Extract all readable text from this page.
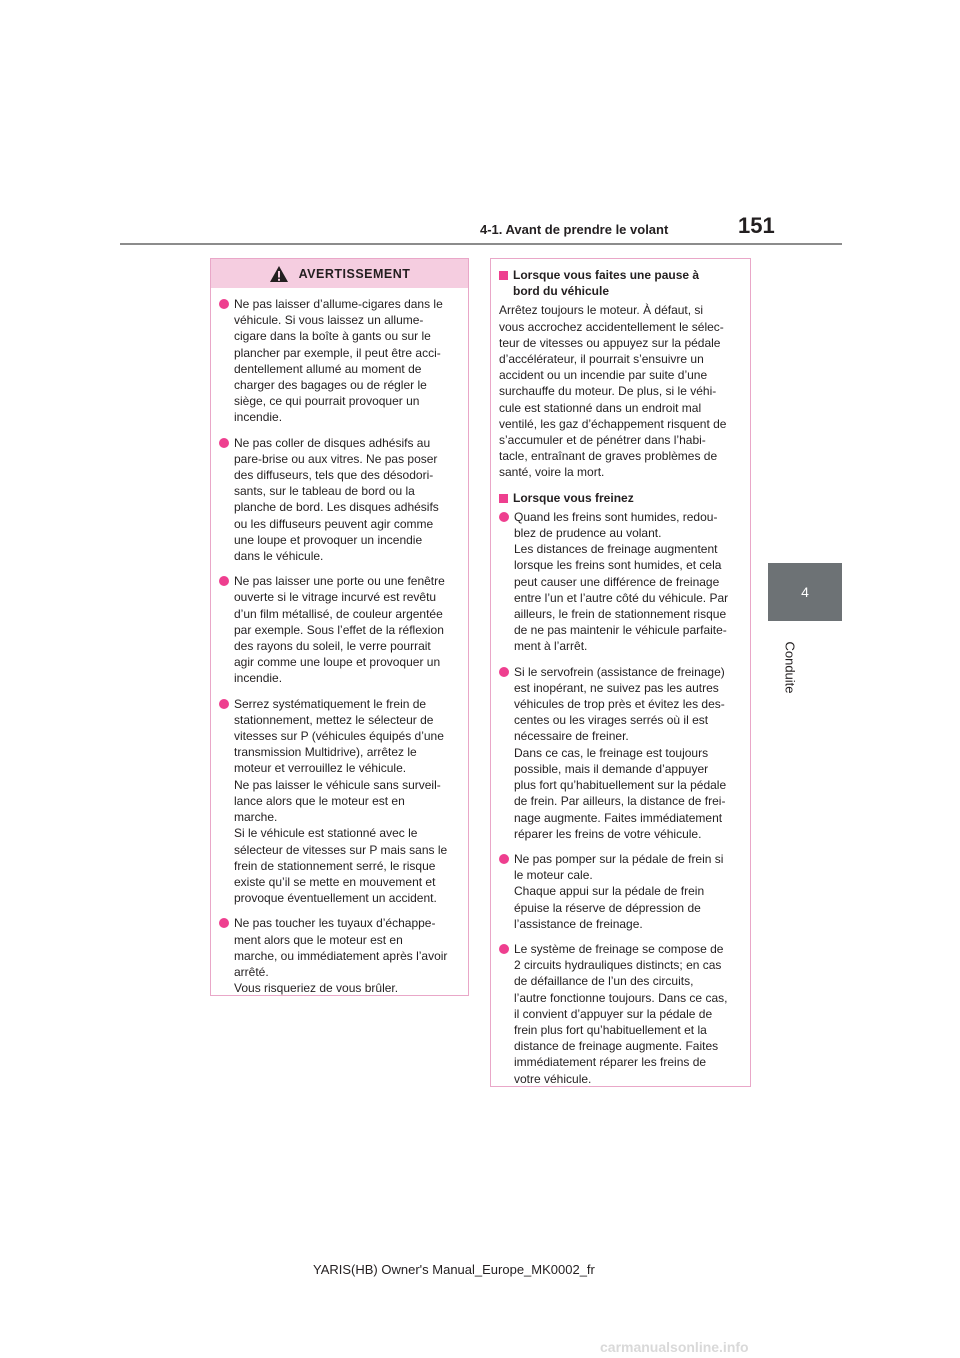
4-1. Avant de prendre le volant	151
4
Conduite
AVERTISSEMENT

Ne pas laisser d’allume-cigares dans le
véhicule. Si vous laissez un allume-
cigare dans la boîte à gants ou sur le
plancher par exemple, il peut être acci-
dentellement allumé au moment de
charger des bagages ou de régler le
siège, ce qui pourrait provoquer un
incendie.

Ne pas coller de disques adhésifs au
pare-brise ou aux vitres. Ne pas poser
des diffuseurs, tels que des désodori-
sants, sur le tableau de bord ou la
planche de bord. Les disques adhésifs
ou les diffuseurs peuvent agir comme
une loupe et provoquer un incendie
dans le véhicule.

Ne pas laisser une porte ou une fenêtre
ouverte si le vitrage incurvé est revêtu
d’un film métallisé, de couleur argentée
par exemple. Sous l’effet de la réflexion
des rayons du soleil, le verre pourrait
agir comme une loupe et provoquer un
incendie.

Serrez systématiquement le frein de
stationnement, mettez le sélecteur de
vitesses sur P (véhicules équipés d’une
transmission Multidrive), arrêtez le
moteur et verrouillez le véhicule.
Ne pas laisser le véhicule sans surveil-
lance alors que le moteur est en
marche.
Si le véhicule est stationné avec le
sélecteur de vitesses sur P mais sans le
frein de stationnement serré, le risque
existe qu’il se mette en mouvement et
provoque éventuellement un accident.

Ne pas toucher les tuyaux d’échappe-
ment alors que le moteur est en
marche, ou immédiatement après l’avoir
arrêté.
Vous risqueriez de vous brûler.

Lorsque vous faites une pause à
bord du véhicule

Arrêtez toujours le moteur. À défaut, si
vous accrochez accidentellement le sélec-
teur de vitesses ou appuyez sur la pédale
d’accélérateur, il pourrait s’ensuivre un
accident ou un incendie par suite d’une
surchauffe du moteur. De plus, si le véhi-
cule est stationné dans un endroit mal
ventilé, les gaz d’échappement risquent de
s’accumuler et de pénétrer dans l’habi-
tacle, entraînant de graves problèmes de
santé, voire la mort.

Lorsque vous freinez

Quand les freins sont humides, redou-
blez de prudence au volant.
Les distances de freinage augmentent
lorsque les freins sont humides, et cela
peut causer une différence de freinage
entre l’un et l’autre côté du véhicule. Par
ailleurs, le frein de stationnement risque
de ne pas maintenir le véhicule parfaite-
ment à l’arrêt.

Si le servofrein (assistance de freinage)
est inopérant, ne suivez pas les autres
véhicules de trop près et évitez les des-
centes ou les virages serrés où il est
nécessaire de freiner.
Dans ce cas, le freinage est toujours
possible, mais il demande d’appuyer
plus fort qu’habituellement sur la pédale
de frein. Par ailleurs, la distance de frei-
nage augmente. Faites immédiatement
réparer les freins de votre véhicule.

Ne pas pomper sur la pédale de frein si
le moteur cale.
Chaque appui sur la pédale de frein
épuise la réserve de dépression de
l’assistance de freinage.

Le système de freinage se compose de
2 circuits hydrauliques distincts; en cas
de défaillance de l’un des circuits,
l’autre fonctionne toujours. Dans ce cas,
il convient d’appuyer sur la pédale de
frein plus fort qu’habituellement et la
distance de freinage augmente. Faites
immédiatement réparer les freins de
votre véhicule.

YARIS(HB) Owner's Manual_Europe_MK0002_fr
carmanualsonline.info
